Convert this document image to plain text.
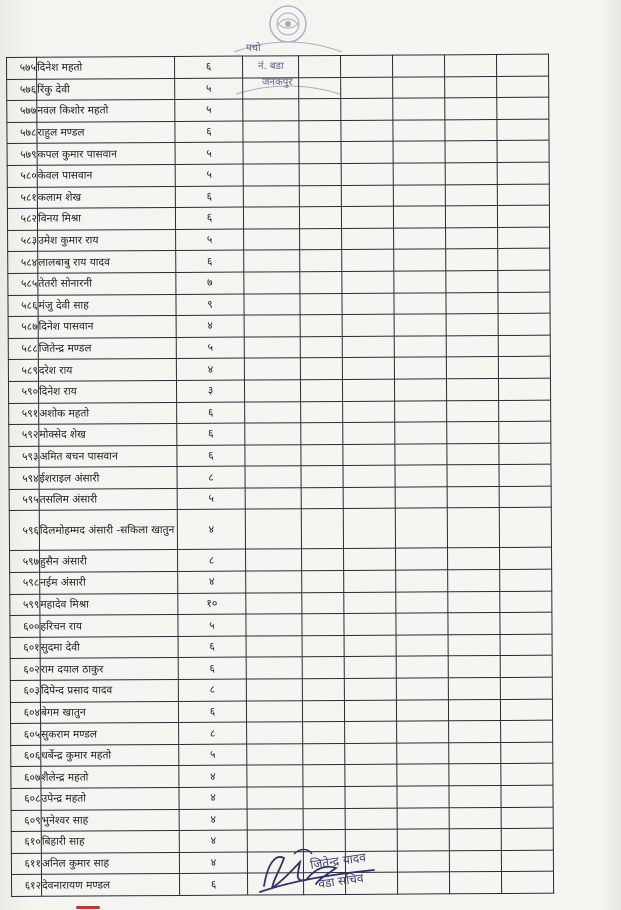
पचो
नं. बडा
जनकपुर
५७५	दिनेश महतो	६						
५७६	रिंकु देवी	५						
५७७	नवल किशोर महतो	५						
५७८	राहुल मण्डल	६						
५७९	कपल कुमार पासवान	५						
५८०	केवल पासवान	५						
५८१	कलाम शेख	६						
५८२	विनय मिश्रा	६						
५८३	उमेश कुमार राय	५						
५८४	लालबाबु राय यादव	६						
५८५	तेतरी सोनारनी	७						
५८६	मंजु देवी साह	९						
५८७	दिनेश पासवान	४						
५८८	जितेन्द्र मण्डल	५						
५८९	दरेश राय	४						
५९०	दिनेश राय	३						
५९१	अशोक महतो	६						
५९२	मोक्सेद शेख	६						
५९३	अमित बचन पासवान	६						
५९४	ईशराइल अंसारी	८						
५९५	तसलिम अंसारी	५						
५९६	दिलमोहम्मद अंसारी -सकिला खातुन	४						
५९७	हुसैन अंसारी	८						
५९८	नईम अंसारी	४						
५९९	महादेव मिश्रा	१०						
६००	हरिचन राय	५						
६०१	सुदमा देवी	६						
६०२	राम दयाल ठाकुर	६						
६०३	दिपेन्द प्रसाद यादव	८						
६०४	बेगम खातुन	६						
६०५	सुकराम मण्डल	८						
६०६	धर्बेन्द्र कुमार महतो	५						
६०७	शैलेन्द्र महतो	४						
६०८	उपेन्द्र महतो	४						
६०९	भुनेश्वर साह	४						
६१०	बिहारी साह	४						
६११	अनिल कुमार साह	४						
६१२	देवनारायण मण्डल	६						
जितेन्द्र यादव
वडा सचिव
